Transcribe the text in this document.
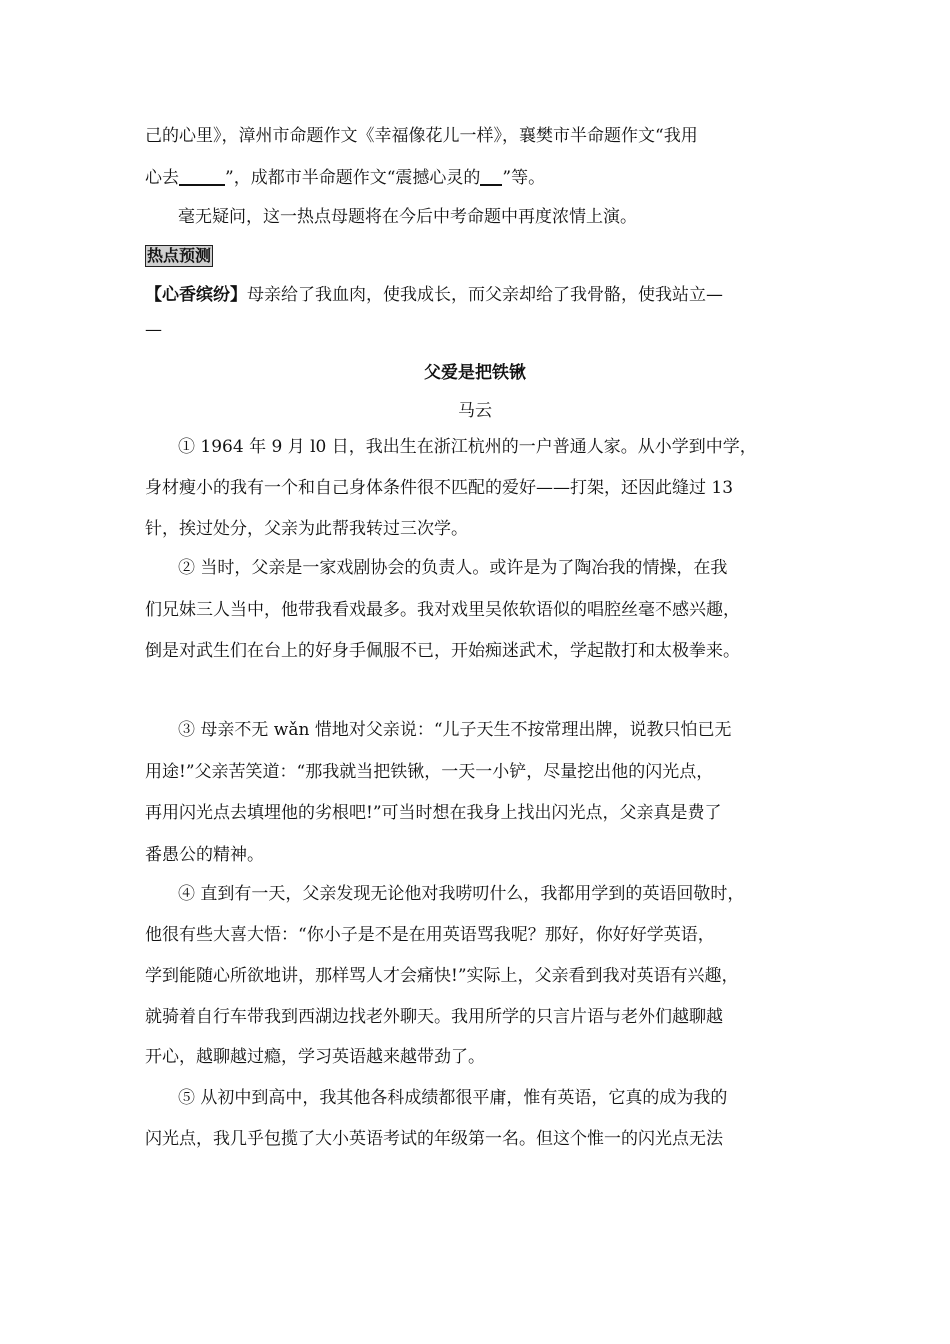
己的心里》，漳州市命题作文《幸福像花儿一样》，襄樊市半命题作文“我用
心去	”，成都市半命题作文“震撼心灵的 ”等。
毫无疑问，这一热点母题将在今后中考命题中再度浓情上演。
热点预测
【心香缤纷】母亲给了我血肉，使我成长，而父亲却给了我骨骼，使我站立—
—
父爱是把铁锹
马云
① 1964 年 9 月 l0 日，我出生在浙江杭州的一户普通人家。从小学到中学，
身材瘦小的我有一个和自己身体条件很不匹配的爱好——打架，还因此缝过 13
针，挨过处分，父亲为此帮我转过三次学。
② 当时，父亲是一家戏剧协会的负责人。或许是为了陶冶我的情操，在我
们兄妹三人当中，他带我看戏最多。我对戏里吴侬软语似的唱腔丝毫不感兴趣，
倒是对武生们在台上的好身手佩服不已，开始痴迷武术，学起散打和太极拳来。
③ 母亲不无 wǎn 惜地对父亲说：“儿子天生不按常理出牌，说教只怕已无
用途!”父亲苦笑道：“那我就当把铁锹，一天一小铲，尽量挖出他的闪光点，
再用闪光点去填埋他的劣根吧!”可当时想在我身上找出闪光点，父亲真是费了
番愚公的精神。
④ 直到有一天，父亲发现无论他对我唠叨什么，我都用学到的英语回敬时，
他很有些大喜大悟：“你小子是不是在用英语骂我呢？那好，你好好学英语，
学到能随心所欲地讲，那样骂人才会痛快!”实际上，父亲看到我对英语有兴趣，
就骑着自行车带我到西湖边找老外聊天。我用所学的只言片语与老外们越聊越
开心，越聊越过瘾，学习英语越来越带劲了。
⑤ 从初中到高中，我其他各科成绩都很平庸，惟有英语，它真的成为我的
闪光点，我几乎包揽了大小英语考试的年级第一名。但这个惟一的闪光点无法
